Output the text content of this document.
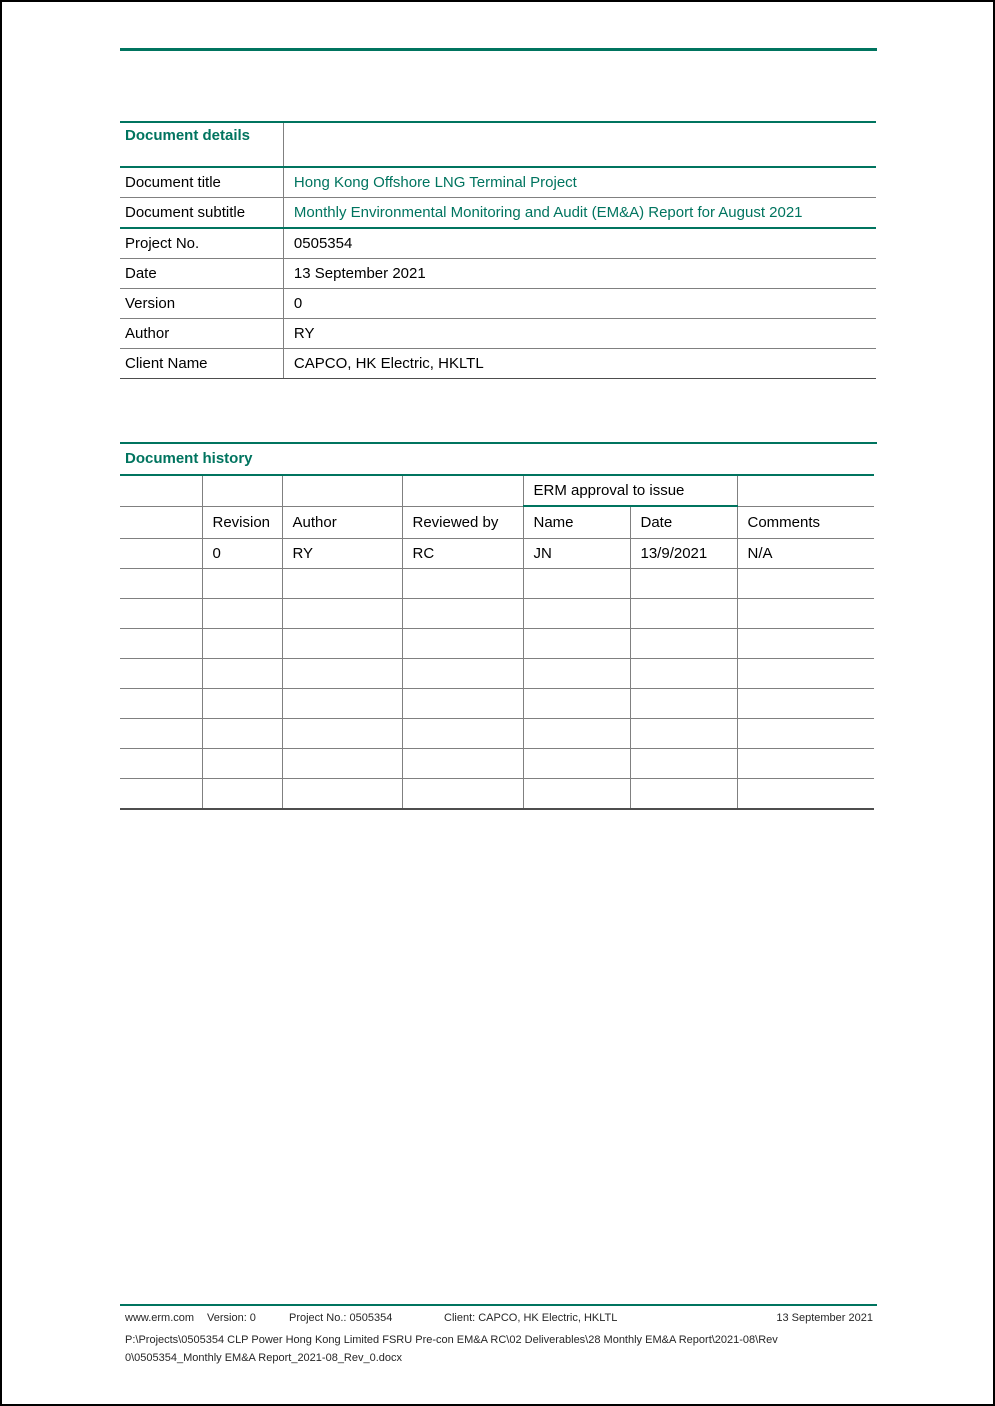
Document details	
Document title	Hong Kong Offshore LNG Terminal Project
Document subtitle	Monthly Environmental Monitoring and Audit (EM&A) Report for August 2021
Project No.	0505354
Date	13 September 2021
Version	0
Author	RY
Client Name	CAPCO, HK Electric, HKLTL
Document history
				ERM approval to issue		
	Revision	Author	Reviewed by	Name	Date	Comments
	0	RY	RC	JN	13/9/2021	N/A

www.erm.com Version: 0	Project No.: 0505354	Client: CAPCO, HK Electric, HKLTL	13 September 2021
P:\Projects\0505354 CLP Power Hong Kong Limited FSRU Pre-con EM&A RC\02 Deliverables\28 Monthly EM&A Report\2021-08\Rev 0\0505354_Monthly EM&A Report_2021-08_Rev_0.docx
